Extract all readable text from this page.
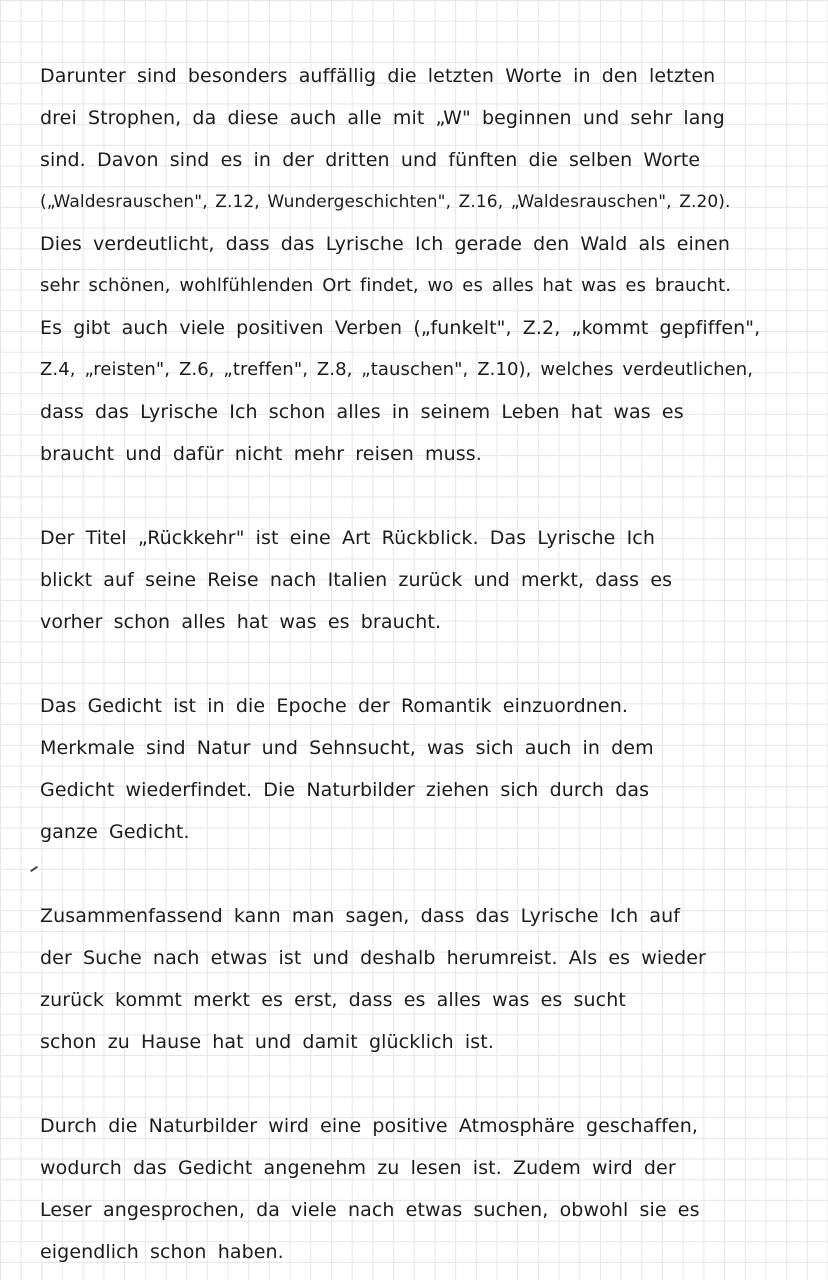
Darunter sind besonders auffällig die letzten Worte in den letzten
drei Strophen, da diese auch alle mit „W" beginnen und sehr lang
sind. Davon sind es in der dritten und fünften die selben Worte
(„Waldesrauschen", Z.12, Wundergeschichten", Z.16, „Waldesrauschen", Z.20).
Dies verdeutlicht, dass das Lyrische Ich gerade den Wald als einen
sehr schönen, wohlfühlenden Ort findet, wo es alles hat was es braucht.
Es gibt auch viele positiven Verben („funkelt", Z.2, „kommt gepfiffen",
Z.4, „reisten", Z.6, „treffen", Z.8, „tauschen", Z.10), welches verdeutlichen,
dass das Lyrische Ich schon alles in seinem Leben hat was es
braucht und dafür nicht mehr reisen muss.
Der Titel „Rückkehr" ist eine Art Rückblick. Das Lyrische Ich
blickt auf seine Reise nach Italien zurück und merkt, dass es
vorher schon alles hat was es braucht.
Das Gedicht ist in die Epoche der Romantik einzuordnen.
Merkmale sind Natur und Sehnsucht, was sich auch in dem
Gedicht wiederfindet. Die Naturbilder ziehen sich durch das
ganze Gedicht.
Zusammenfassend kann man sagen, dass das Lyrische Ich auf
der Suche nach etwas ist und deshalb herumreist. Als es wieder
zurück kommt merkt es erst, dass es alles was es sucht
schon zu Hause hat und damit glücklich ist.
Durch die Naturbilder wird eine positive Atmosphäre geschaffen,
wodurch das Gedicht angenehm zu lesen ist. Zudem wird der
Leser angesprochen, da viele nach etwas suchen, obwohl sie es
eigendlich schon haben.
